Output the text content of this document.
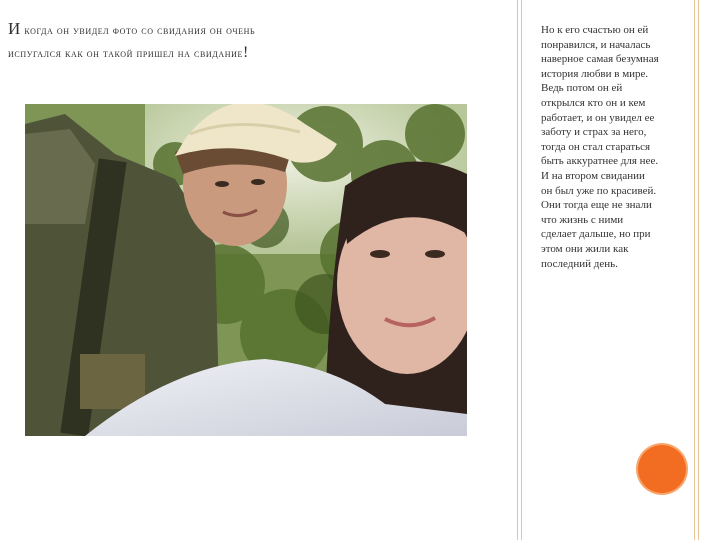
И когда он увидел фото со свидания он очень
испугался как он такой пришел на свидание!

Но к его счастью он ей понравился, и началась наверное самая безумная история любви в мире. Ведь потом он ей открылся кто он и кем работает, и он увидел ее заботу и страх за него, тогда он стал стараться быть аккуратнее для нее. И на втором свидании он был уже по красивей. Они тогда еще не знали что жизнь с ними сделает дальше, но при этом они жили как последний день.
